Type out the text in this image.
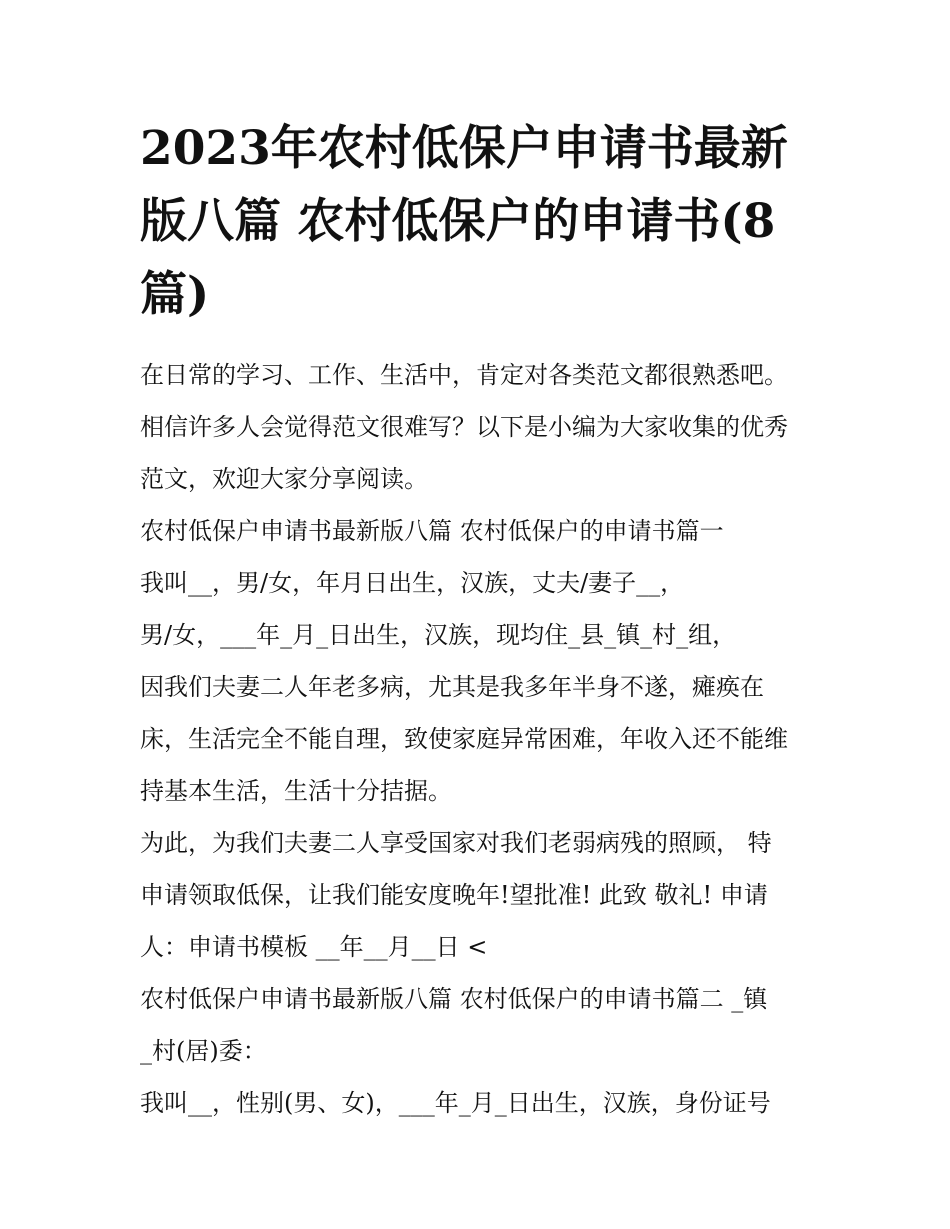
2023年农村低保户申请书最新
版八篇 农村低保户的申请书(8
篇)
在日常的学习、工作、生活中，肯定对各类范文都很熟悉吧。
相信许多人会觉得范文很难写？以下是小编为大家收集的优秀
范文，欢迎大家分享阅读。
农村低保户申请书最新版八篇 农村低保户的申请书篇一
我叫__，男/女，年月日出生，汉族，丈夫/妻子__，
男/女，___年_月_日出生，汉族，现均住_县_镇_村_组，
因我们夫妻二人年老多病，尤其是我多年半身不遂，瘫痪在
床，生活完全不能自理，致使家庭异常困难，年收入还不能维
持基本生活，生活十分拮据。
为此，为我们夫妻二人享受国家对我们老弱病残的照顾， 特
申请领取低保，让我们能安度晚年!望批准! 此致 敬礼! 申请
人：申请书模板 __年__月__日 <
农村低保户申请书最新版八篇 农村低保户的申请书篇二 _镇
_村(居)委：
我叫__，性别(男、女)，___年_月_日出生，汉族，身份证号
